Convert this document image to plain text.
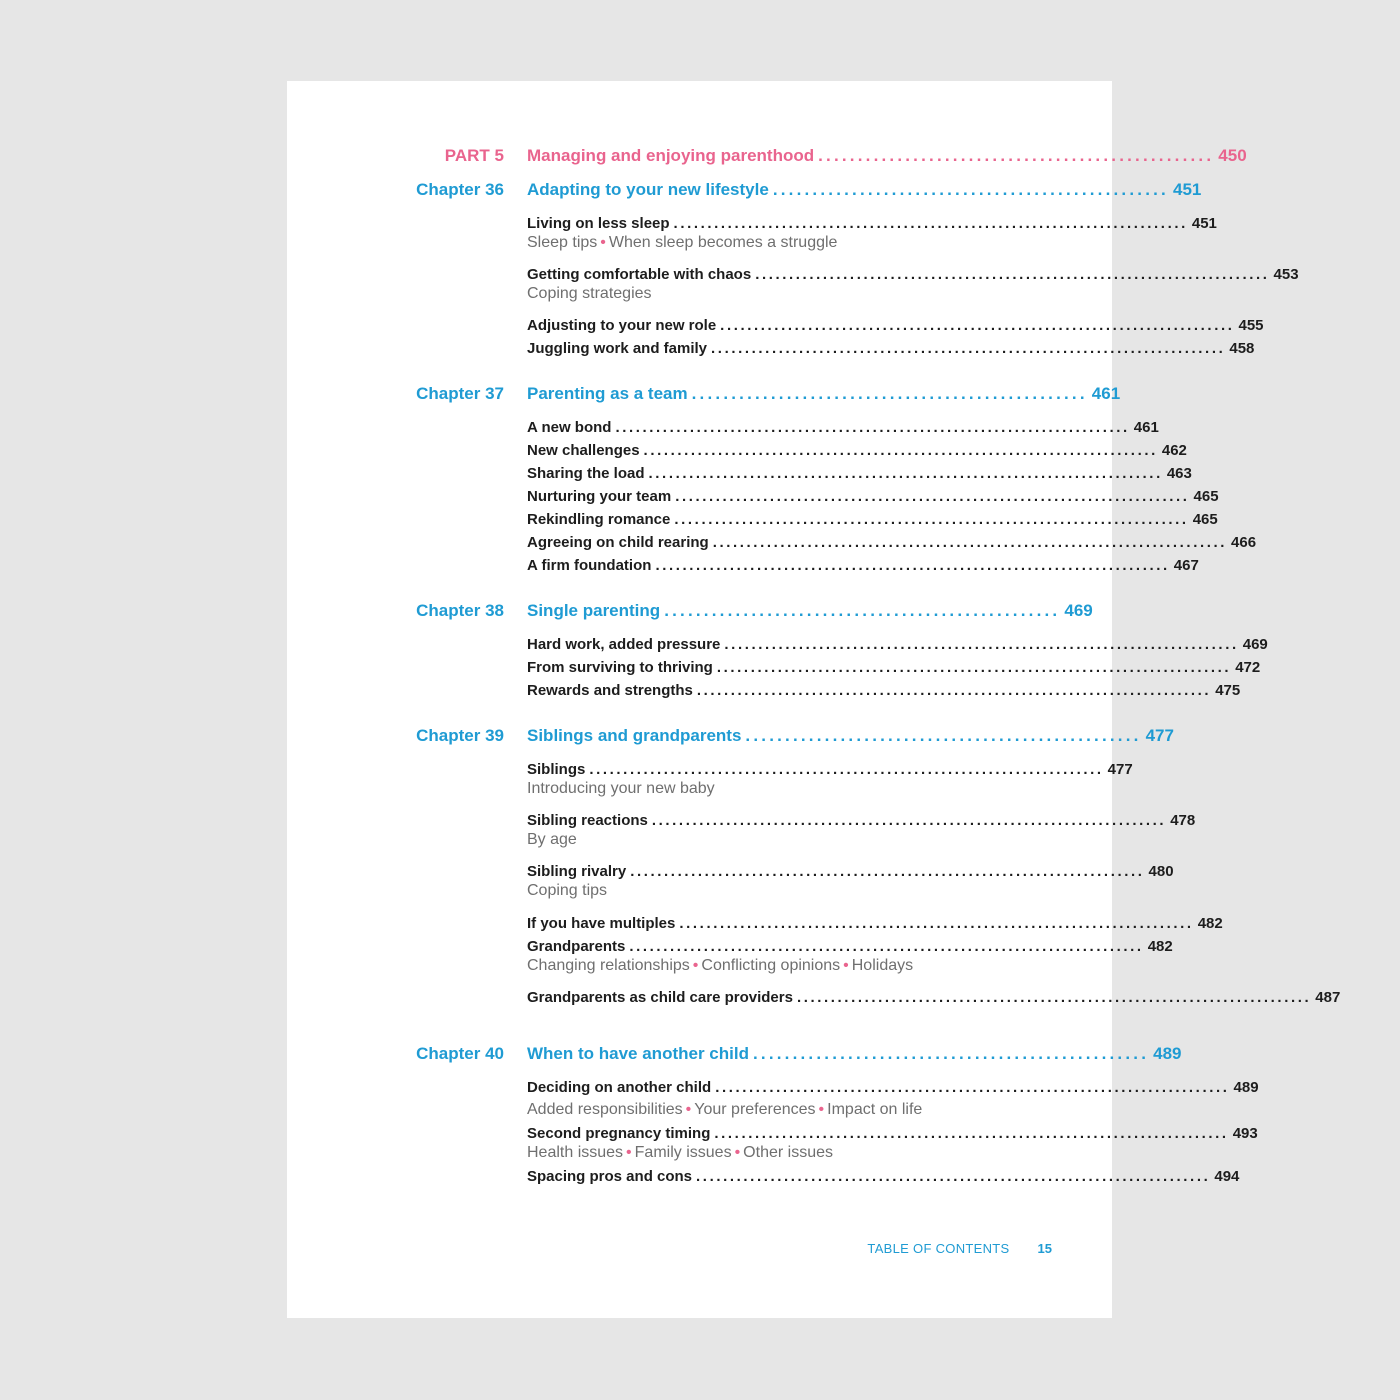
PART 5 Managing and enjoying parenthood .................................................. 450
Chapter 36 Adapting to your new lifestyle .................................................. 451
Living on less sleep ............................................................................ 451
Sleep tips • When sleep becomes a struggle
Getting comfortable with chaos ............................................................................ 453
Coping strategies
Adjusting to your new role ............................................................................ 455
Juggling work and family ............................................................................ 458
Chapter 37 Parenting as a team .................................................. 461
A new bond ............................................................................ 461
New challenges ............................................................................ 462
Sharing the load ............................................................................ 463
Nurturing your team ............................................................................ 465
Rekindling romance ............................................................................ 465
Agreeing on child rearing ............................................................................ 466
A firm foundation ............................................................................ 467
Chapter 38 Single parenting .................................................. 469
Hard work, added pressure ............................................................................ 469
From surviving to thriving ............................................................................ 472
Rewards and strengths ............................................................................ 475
Chapter 39 Siblings and grandparents .................................................. 477
Siblings ............................................................................ 477
Introducing your new baby
Sibling reactions ............................................................................ 478
By age
Sibling rivalry ............................................................................ 480
Coping tips
If you have multiples ............................................................................ 482
Grandparents ............................................................................ 482
Changing relationships • Conflicting opinions • Holidays
Grandparents as child care providers ............................................................................ 487
Chapter 40 When to have another child .................................................. 489
Deciding on another child ............................................................................ 489
Added responsibilities • Your preferences • Impact on life
Second pregnancy timing ............................................................................ 493
Health issues • Family issues • Other issues
Spacing pros and cons ............................................................................ 494
TABLE OF CONTENTS 15
